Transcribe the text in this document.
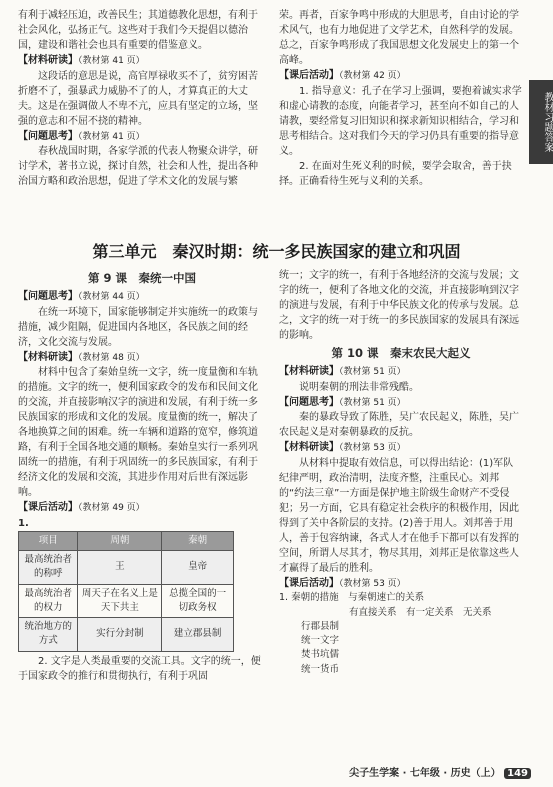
教材习题答案

有利于减轻压迫，改善民生；其道德教化思想，有利于社会风化，弘扬正气。这些对于我们今天提倡以德治国，建设和谐社会也具有重要的借鉴意义。

【材料研读】（教材第 41 页）

这段话的意思是说，高官厚禄收买不了，贫穷困苦折磨不了，强暴武力威胁不了的人，才算真正的大丈夫。这是在强调做人不卑不亢，应具有坚定的立场，坚强的意志和不屈不挠的精神。

【问题思考】（教材第 41 页）

春秋战国时期，各家学派的代表人物聚众讲学，研讨学术，著书立说，探讨自然，社会和人性，提出各种治国方略和政治思想，促进了学术文化的发展与繁

荣。再者，百家争鸣中形成的大胆思考，自由讨论的学术风气，也有力地促进了文学艺术，自然科学的发展。总之，百家争鸣形成了我国思想文化发展史上的第一个高峰。

【课后活动】（教材第 42 页）

1. 指导意义：孔子在学习上强调，要抱着诚实求学和虚心请教的态度，向能者学习，甚至向不如自己的人请教，要经常复习旧知识和探求新知识相结合，学习和思考相结合。这对我们今天的学习仍具有重要的指导意义。

2. 在面对生死义利的时候，要学会取舍，善于抉择。正确看待生死与义利的关系。

第三单元　秦汉时期：统一多民族国家的建立和巩固
第 9 课　秦统一中国
【问题思考】（教材第 44 页）

在统一环境下，国家能够制定并实施统一的政策与措施，减少阻隔，促进国内各地区，各民族之间的经济，文化交流与发展。

【材料研读】（教材第 48 页）

材料中包含了秦始皇统一文字，统一度量衡和车轨的措施。文字的统一，便利国家政令的发布和民间文化的交流，并直接影响汉字的演进和发展，有利于统一多民族国家的形成和文化的发展。度量衡的统一，解决了各地换算之间的困难。统一车辆和道路的宽窄，修筑道路，有利于全国各地交通的顺畅。秦始皇实行一系列巩固统一的措施，有利于巩固统一的多民族国家，有利于经济文化的发展和交流，其进步作用对后世有深远影响。

【课后活动】（教材第 49 页）
1.
项目	周朝	秦朝
最高统治者的称呼	王	皇帝
最高统治者的权力	周天子在名义上是天下共主	总揽全国的一切政务权
统治地方的方式	实行分封制	建立郡县制

2. 文字是人类最重要的交流工具。文字的统一，便于国家政令的推行和贯彻执行，有利于巩固

统一；文字的统一，有利于各地经济的交流与发展；文字的统一，便利了各地文化的交流，并直接影响到汉字的演进与发展，有利于中华民族文化的传承与发展。总之，文字的统一对于统一的多民族国家的发展具有深远的影响。

第 10 课　秦末农民大起义
【材料研读】（教材第 51 页）

说明秦朝的刑法非常残酷。

【问题思考】（教材第 51 页）

秦的暴政导致了陈胜，吴广农民起义，陈胜，吴广农民起义是对秦朝暴政的反抗。

【材料研读】（教材第 53 页）

从材料中提取有效信息，可以得出结论：(1)军队纪律严明，政治清明，法度齐整，注重民心。刘邦的“约法三章”一方面是保护地主阶级生命财产不受侵犯；另一方面，它具有稳定社会秩序的积极作用，因此得到了关中各阶层的支持。(2)善于用人。刘邦善于用人，善于包容纳谏，各式人才在他手下都可以有发挥的空间，所谓人尽其才，物尽其用，刘邦正是依靠这些人才赢得了最后的胜利。

【课后活动】（教材第 53 页）
1. 秦朝的措施　 与秦朝速亡的关系
有直接关系　有一定关系　无关系
行郡县制
统一文字
焚书坑儒
统一货币
尖子生学案 · 七年级 · 历史（上） 149
